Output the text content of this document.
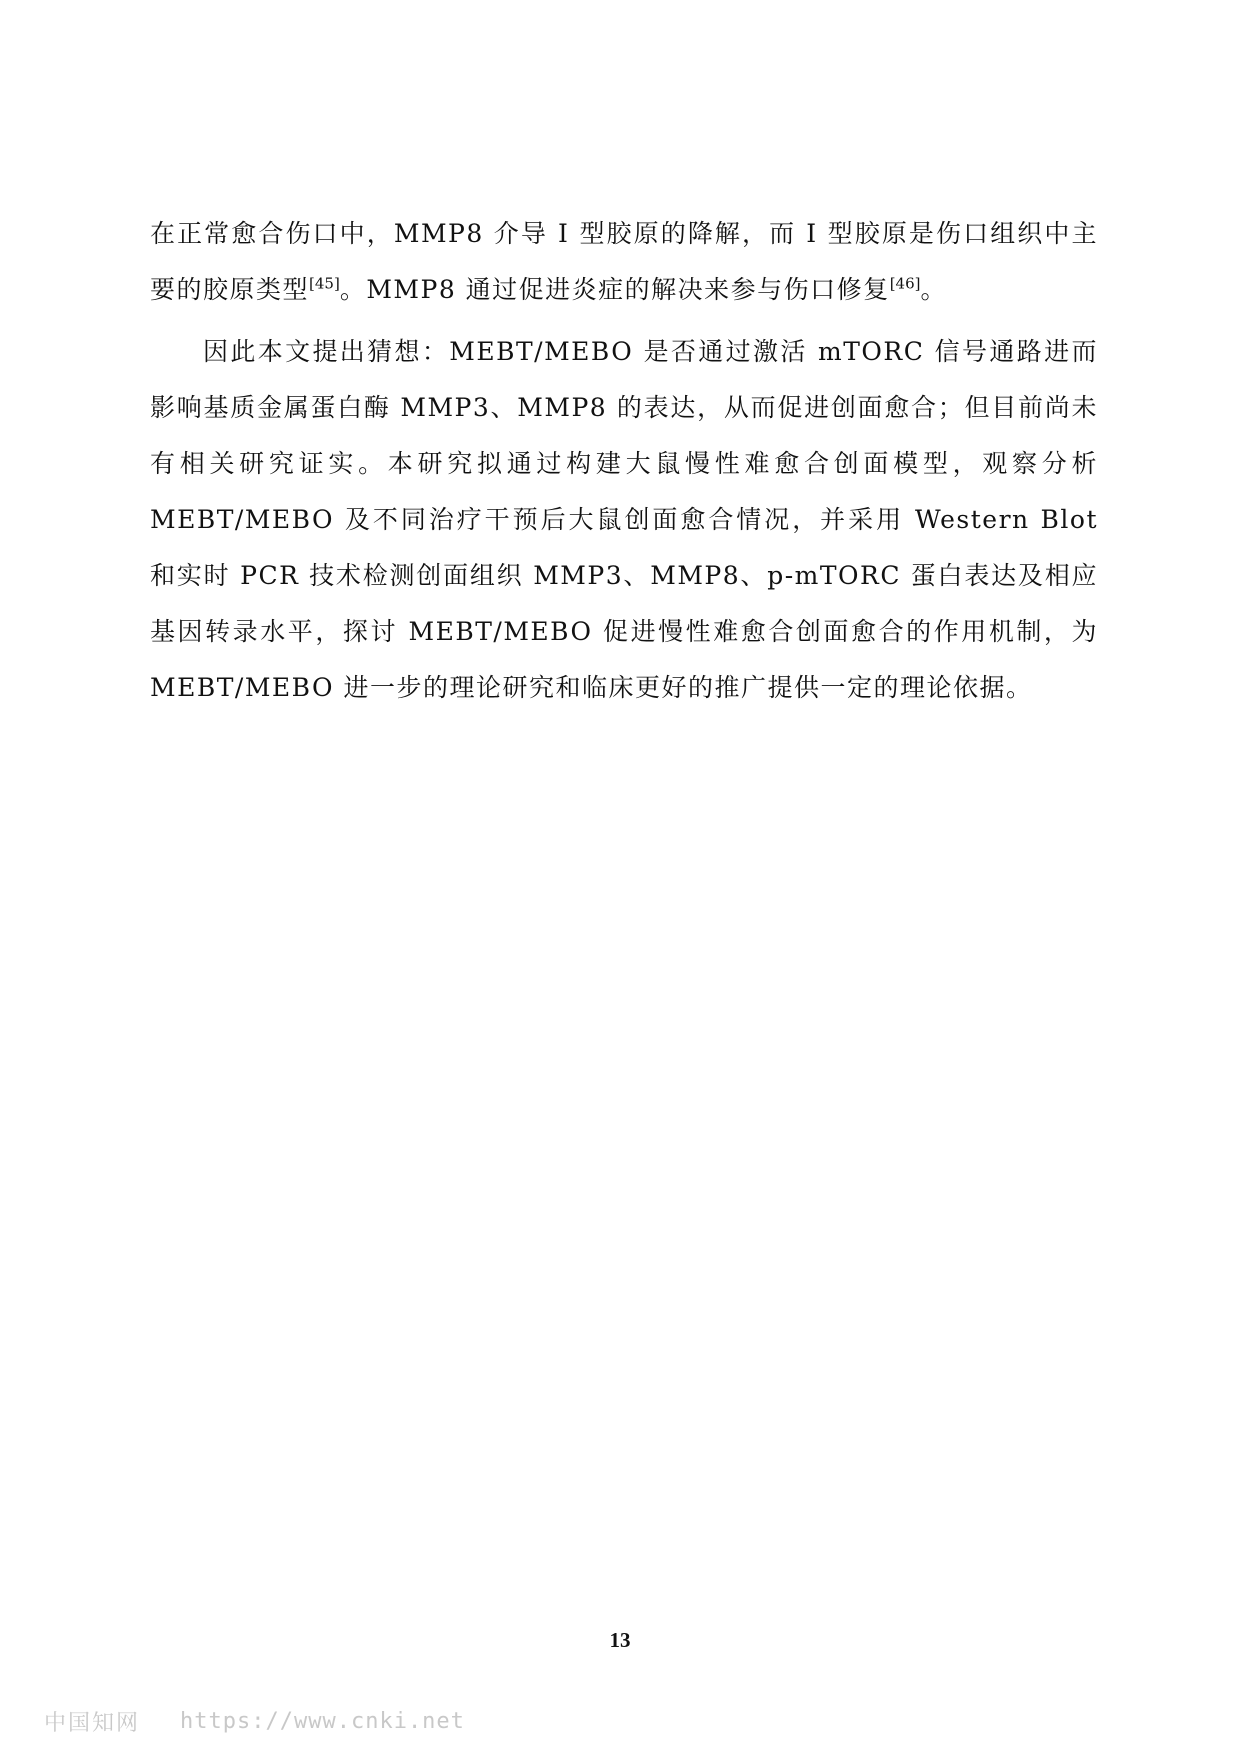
在正常愈合伤口中，MMP8 介导 I 型胶原的降解，而 I 型胶原是伤口组织中主要的胶原类型[45]。MMP8 通过促进炎症的解决来参与伤口修复[46]。

因此本文提出猜想：MEBT/MEBO 是否通过激活 mTORC 信号通路进而影响基质金属蛋白酶 MMP3、MMP8 的表达，从而促进创面愈合；但目前尚未有相关研究证实。本研究拟通过构建大鼠慢性难愈合创面模型，观察分析 MEBT/MEBO 及不同治疗干预后大鼠创面愈合情况，并采用 Western Blot 和实时 PCR 技术检测创面组织 MMP3、MMP8、p-mTORC 蛋白表达及相应基因转录水平，探讨 MEBT/MEBO 促进慢性难愈合创面愈合的作用机制，为 MEBT/MEBO 进一步的理论研究和临床更好的推广提供一定的理论依据。

13
中国知网 https://www.cnki.net
